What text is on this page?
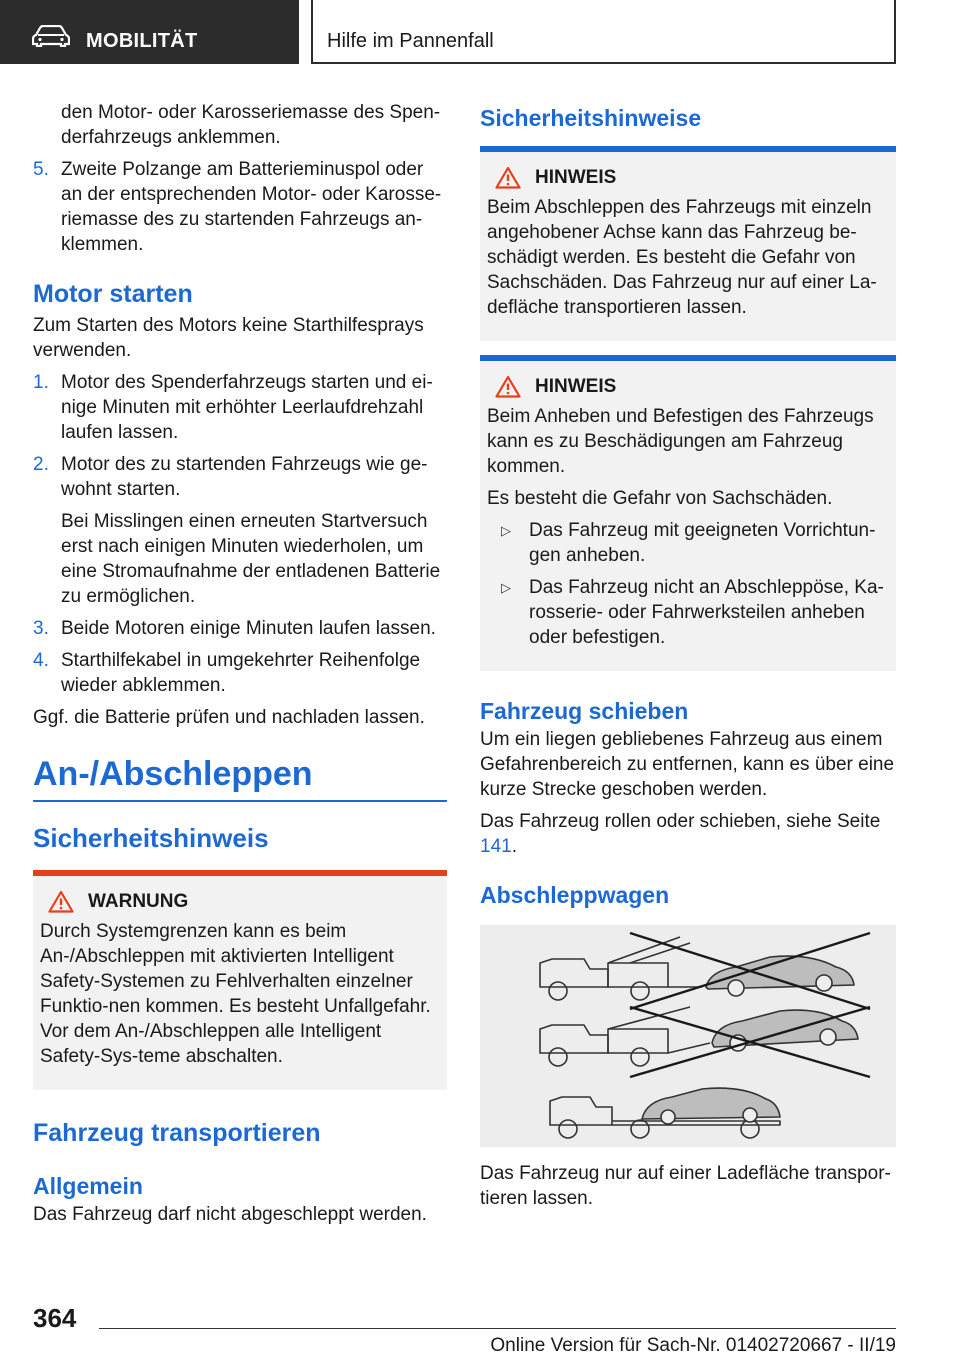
MOBILITÄT	Hilfe im Pannenfall
den Motor- oder Karosseriemasse des Spen-derfahrzeugs anklemmen.
5. Zweite Polzange am Batterieminuspol oder an der entsprechenden Motor- oder Karosse-riemasse des zu startenden Fahrzeugs an-klemmen.
Motor starten

Zum Starten des Motors keine Starthilfesprays verwenden.

1. Motor des Spenderfahrzeugs starten und ei-nige Minuten mit erhöhter Leerlaufdrehzahl laufen lassen.
2. Motor des zu startenden Fahrzeugs wie ge-wohnt starten.
Bei Misslingen einen erneuten Startversuch erst nach einigen Minuten wiederholen, um eine Stromaufnahme der entladenen Batterie zu ermöglichen.
3. Beide Motoren einige Minuten laufen lassen.
4. Starthilfekabel in umgekehrter Reihenfolge wieder abklemmen.

Ggf. die Batterie prüfen und nachladen lassen.

An-/Abschleppen
Sicherheitshinweis
WARNUNG

Durch Systemgrenzen kann es beim An-/Abschleppen mit aktivierten Intelligent Safety-Systemen zu Fehlverhalten einzelner Funktio-nen kommen. Es besteht Unfallgefahr. Vor dem An-/Abschleppen alle Intelligent Safety-Sys-teme abschalten.

Fahrzeug transportieren
Allgemein

Das Fahrzeug darf nicht abgeschleppt werden.

Sicherheitshinweise
HINWEIS

Beim Abschleppen des Fahrzeugs mit einzeln angehobener Achse kann das Fahrzeug be-schädigt werden. Es besteht die Gefahr von Sachschäden. Das Fahrzeug nur auf einer La-defläche transportieren lassen.

HINWEIS

Beim Anheben und Befestigen des Fahrzeugs kann es zu Beschädigungen am Fahrzeug kommen.

Es besteht die Gefahr von Sachschäden.

▷ Das Fahrzeug mit geeigneten Vorrichtun-gen anheben.
▷ Das Fahrzeug nicht an Abschleppöse, Ka-rosserie- oder Fahrwerksteilen anheben oder befestigen.
Fahrzeug schieben

Um ein liegen gebliebenes Fahrzeug aus einem Gefahrenbereich zu entfernen, kann es über eine kurze Strecke geschoben werden.

Das Fahrzeug rollen oder schieben, siehe Seite 141.

Abschleppwagen

Das Fahrzeug nur auf einer Ladefläche transpor-tieren lassen.

364
Online Version für Sach-Nr. 01402720667 - II/19
